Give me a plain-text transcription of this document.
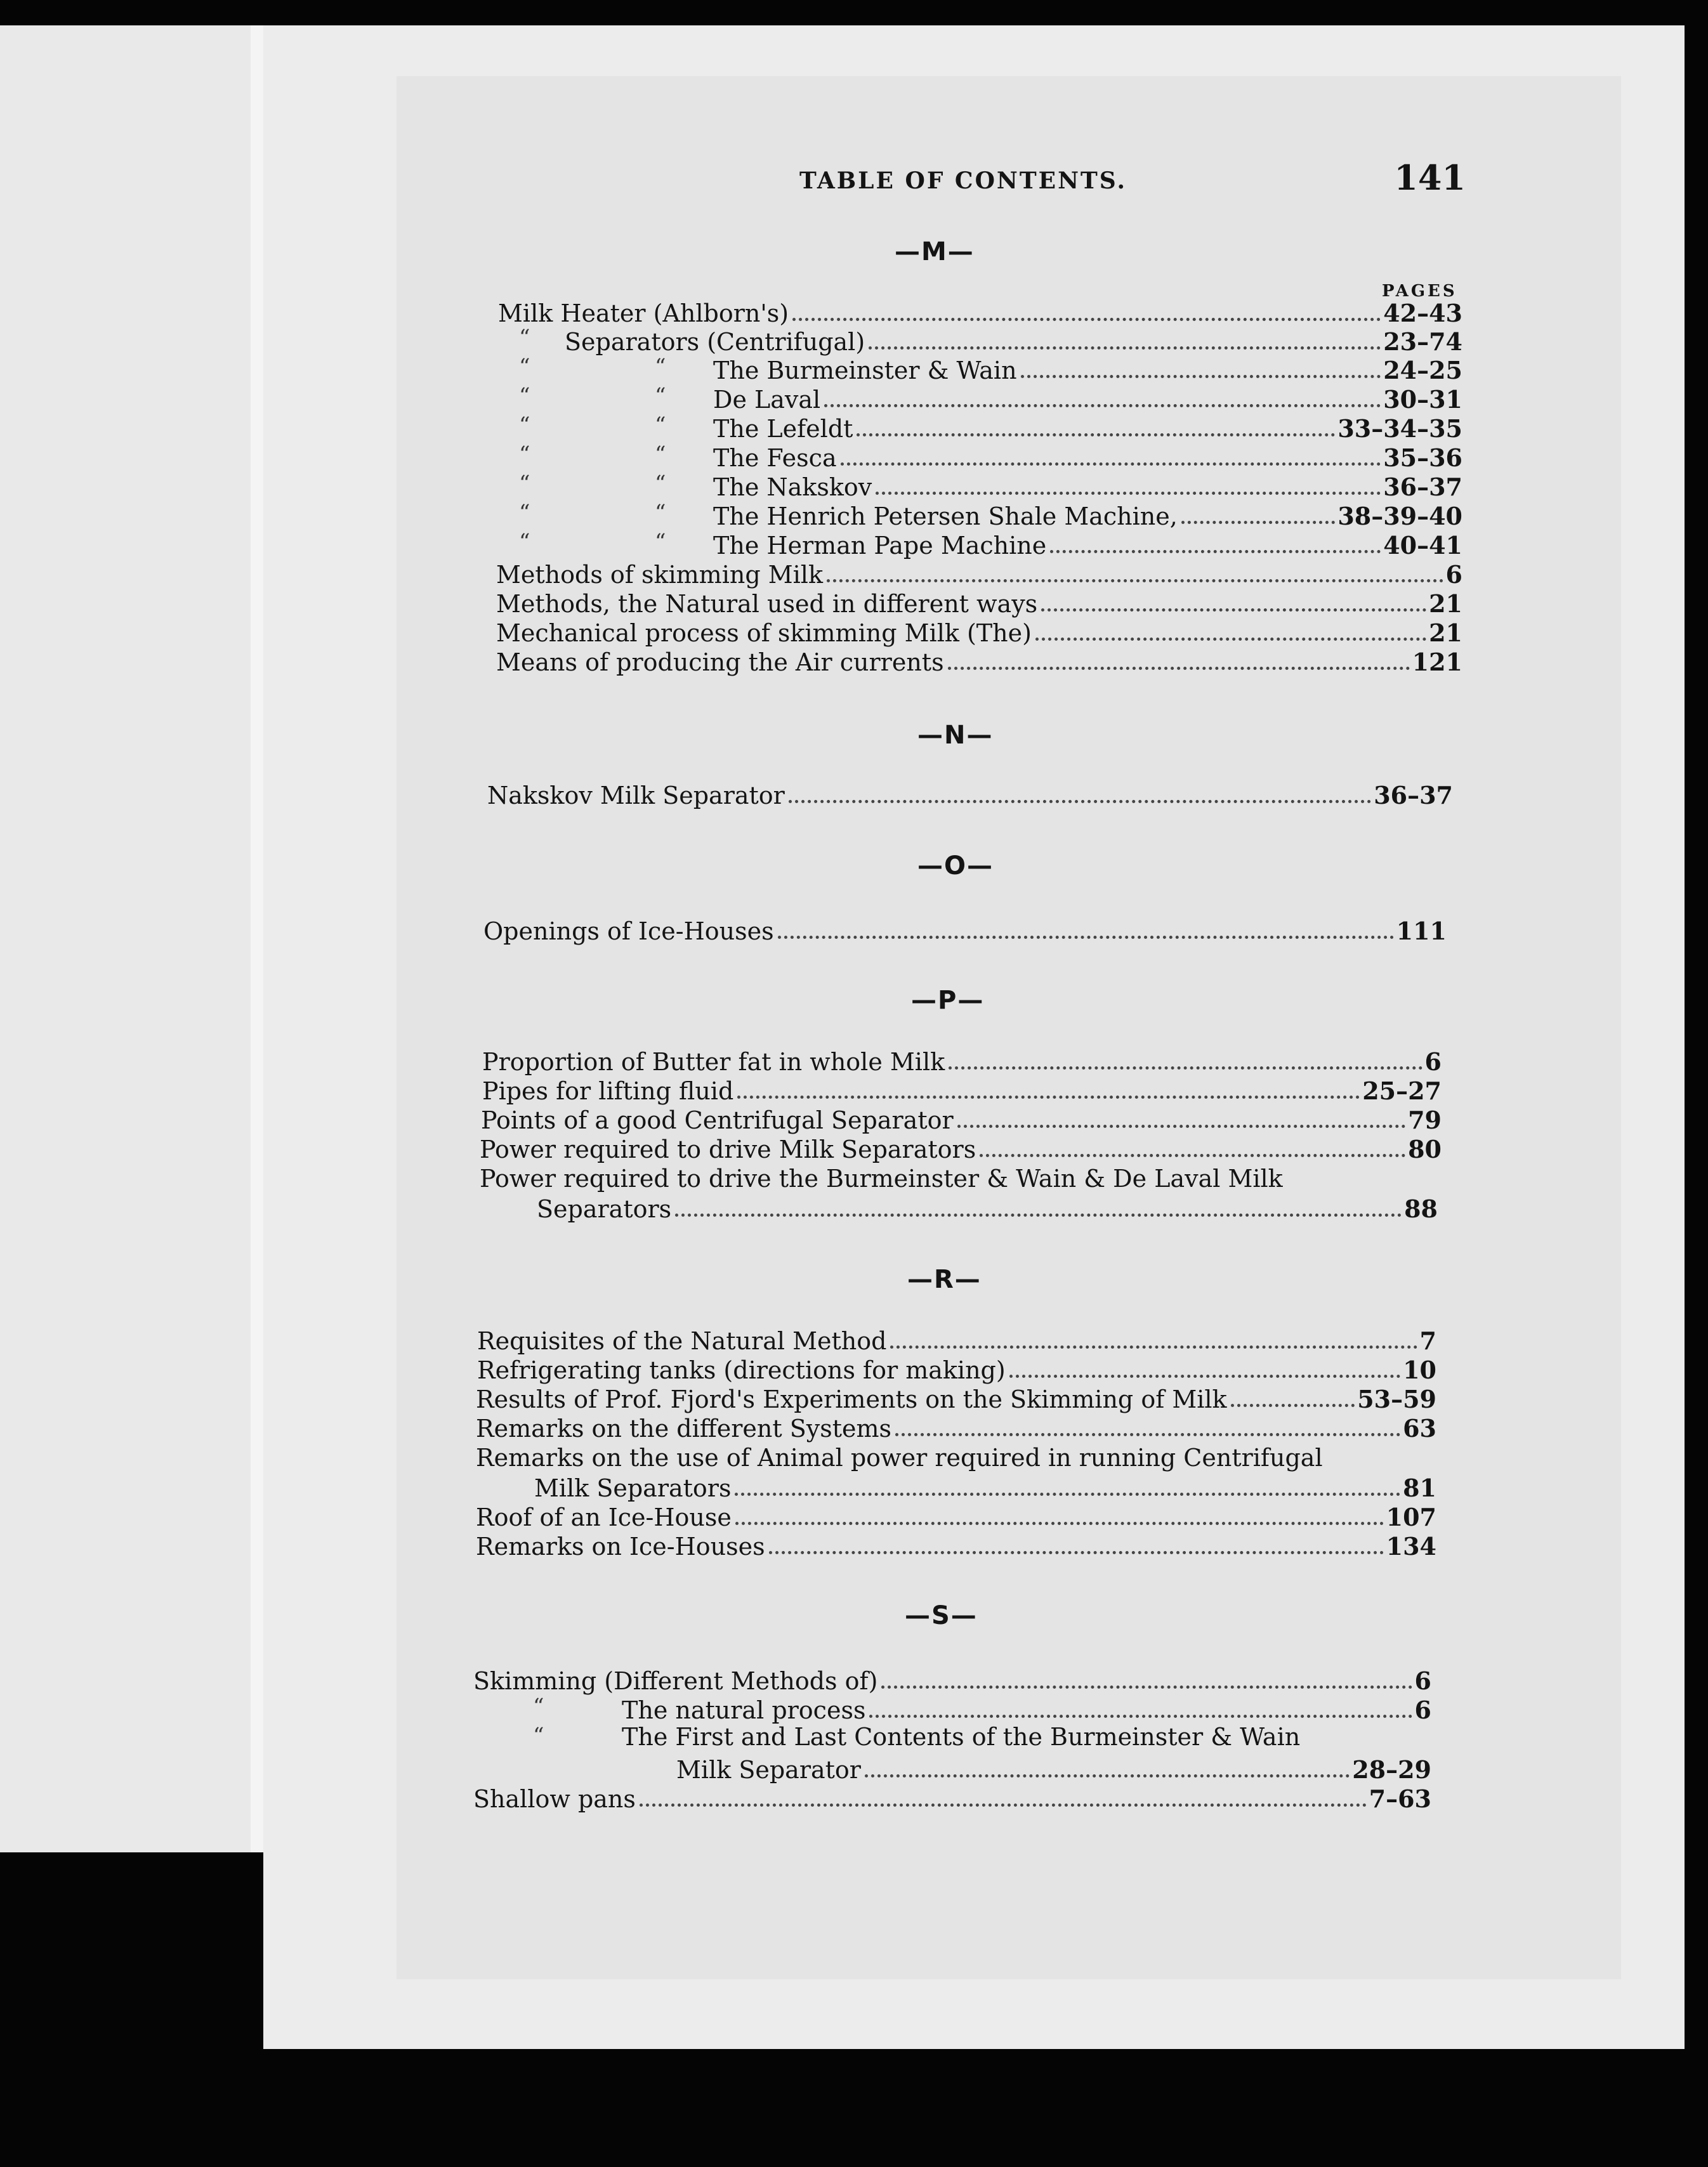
TABLE OF CONTENTS.	141
—M—
PAGES
Milk Heater (Ahlborn's)	42–43
“ Separators (Centrifugal)	23–74
“	“ The Burmeinster & Wain	24–25
“	“ De Laval	30–31
“	“ The Lefeldt	33–34–35
“	“ The Fesca	35–36
“	“ The Nakskov	36–37
“	“ The Henrich Petersen Shale Machine,	38–39–40
“	“ The Herman Pape Machine	40–41
Methods of skimming Milk	6
Methods, the Natural used in different ways	21
Mechanical process of skimming Milk (The)	21
Means of producing the Air currents	121
—N—
Nakskov Milk Separator	36–37
—O—
Openings of Ice-Houses	111
—P—
Proportion of Butter fat in whole Milk	6
Pipes for lifting fluid	25–27
Points of a good Centrifugal Separator	79
Power required to drive Milk Separators	80
Power required to drive the Burmeinster & Wain & De Laval Milk
Separators	88
—R—
Requisites of the Natural Method	7
Refrigerating tanks (directions for making)	10
Results of Prof. Fjord's Experiments on the Skimming of Milk	53–59
Remarks on the different Systems	63
Remarks on the use of Animal power required in running Centrifugal
Milk Separators	81
Roof of an Ice-House	107
Remarks on Ice-Houses	134
—S—
Skimming (Different Methods of)	6
“	The natural process	6
“	The First and Last Contents of the Burmeinster & Wain
Milk Separator	28–29
Shallow pans	7–63
